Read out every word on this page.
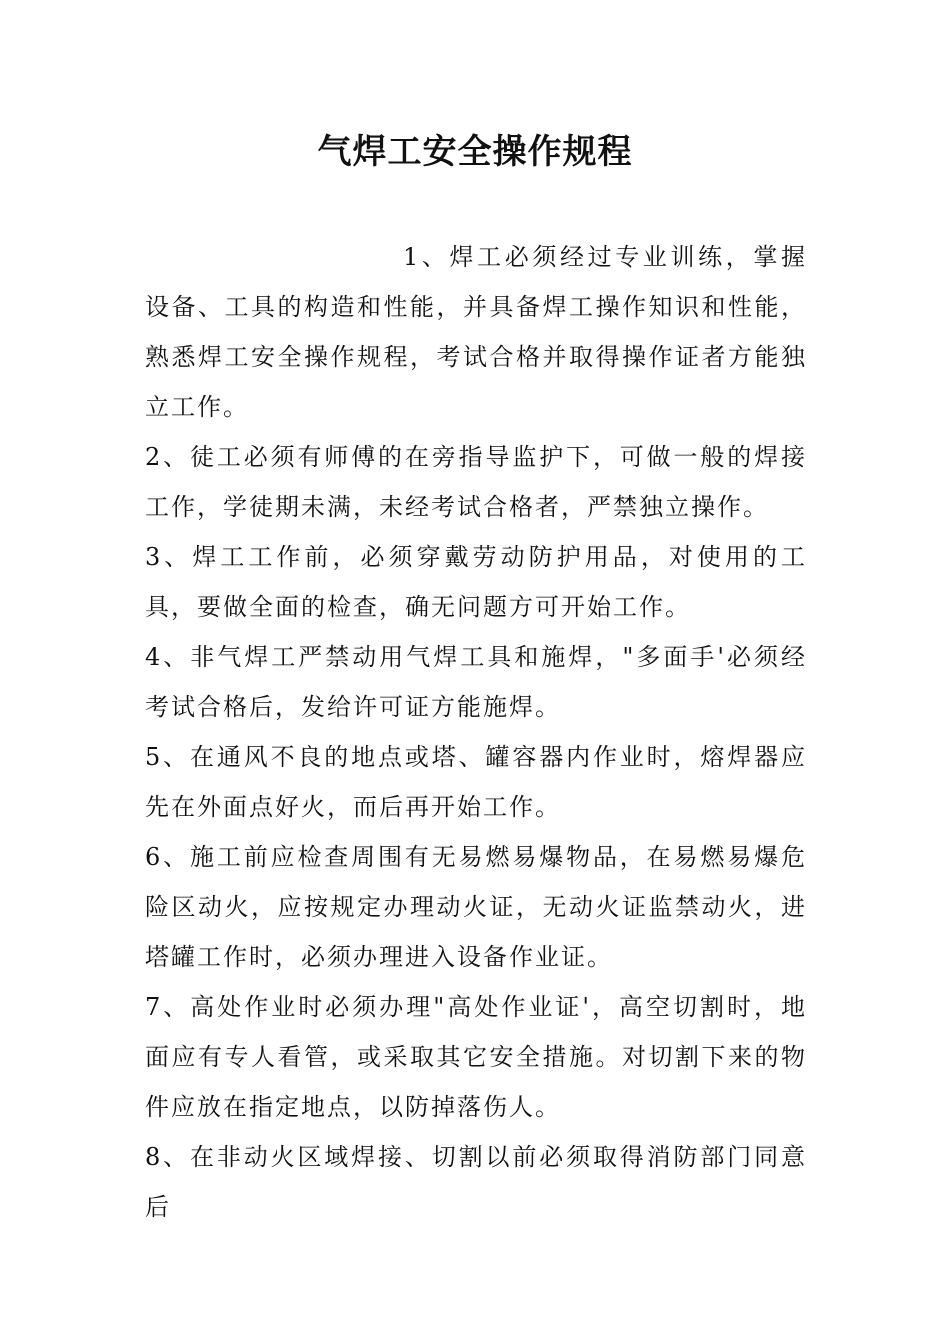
气焊工安全操作规程

1、焊工必须经过专业训练，掌握设备、工具的构造和性能，并具备焊工操作知识和性能，熟悉焊工安全操作规程，考试合格并取得操作证者方能独立工作。

2、徒工必须有师傅的在旁指导监护下，可做一般的焊接工作，学徒期未满，未经考试合格者，严禁独立操作。

3、焊工工作前，必须穿戴劳动防护用品，对使用的工具，要做全面的检查，确无问题方可开始工作。

4、非气焊工严禁动用气焊工具和施焊，"多面手'必须经考试合格后，发给许可证方能施焊。

5、在通风不良的地点或塔、罐容器内作业时，熔焊器应先在外面点好火，而后再开始工作。

6、施工前应检查周围有无易燃易爆物品，在易燃易爆危险区动火，应按规定办理动火证，无动火证监禁动火，进塔罐工作时，必须办理进入设备作业证。

7、高处作业时必须办理"高处作业证'，高空切割时，地面应有专人看管，或采取其它安全措施。对切割下来的物件应放在指定地点，以防掉落伤人。

8、在非动火区域焊接、切割以前必须取得消防部门同意后
